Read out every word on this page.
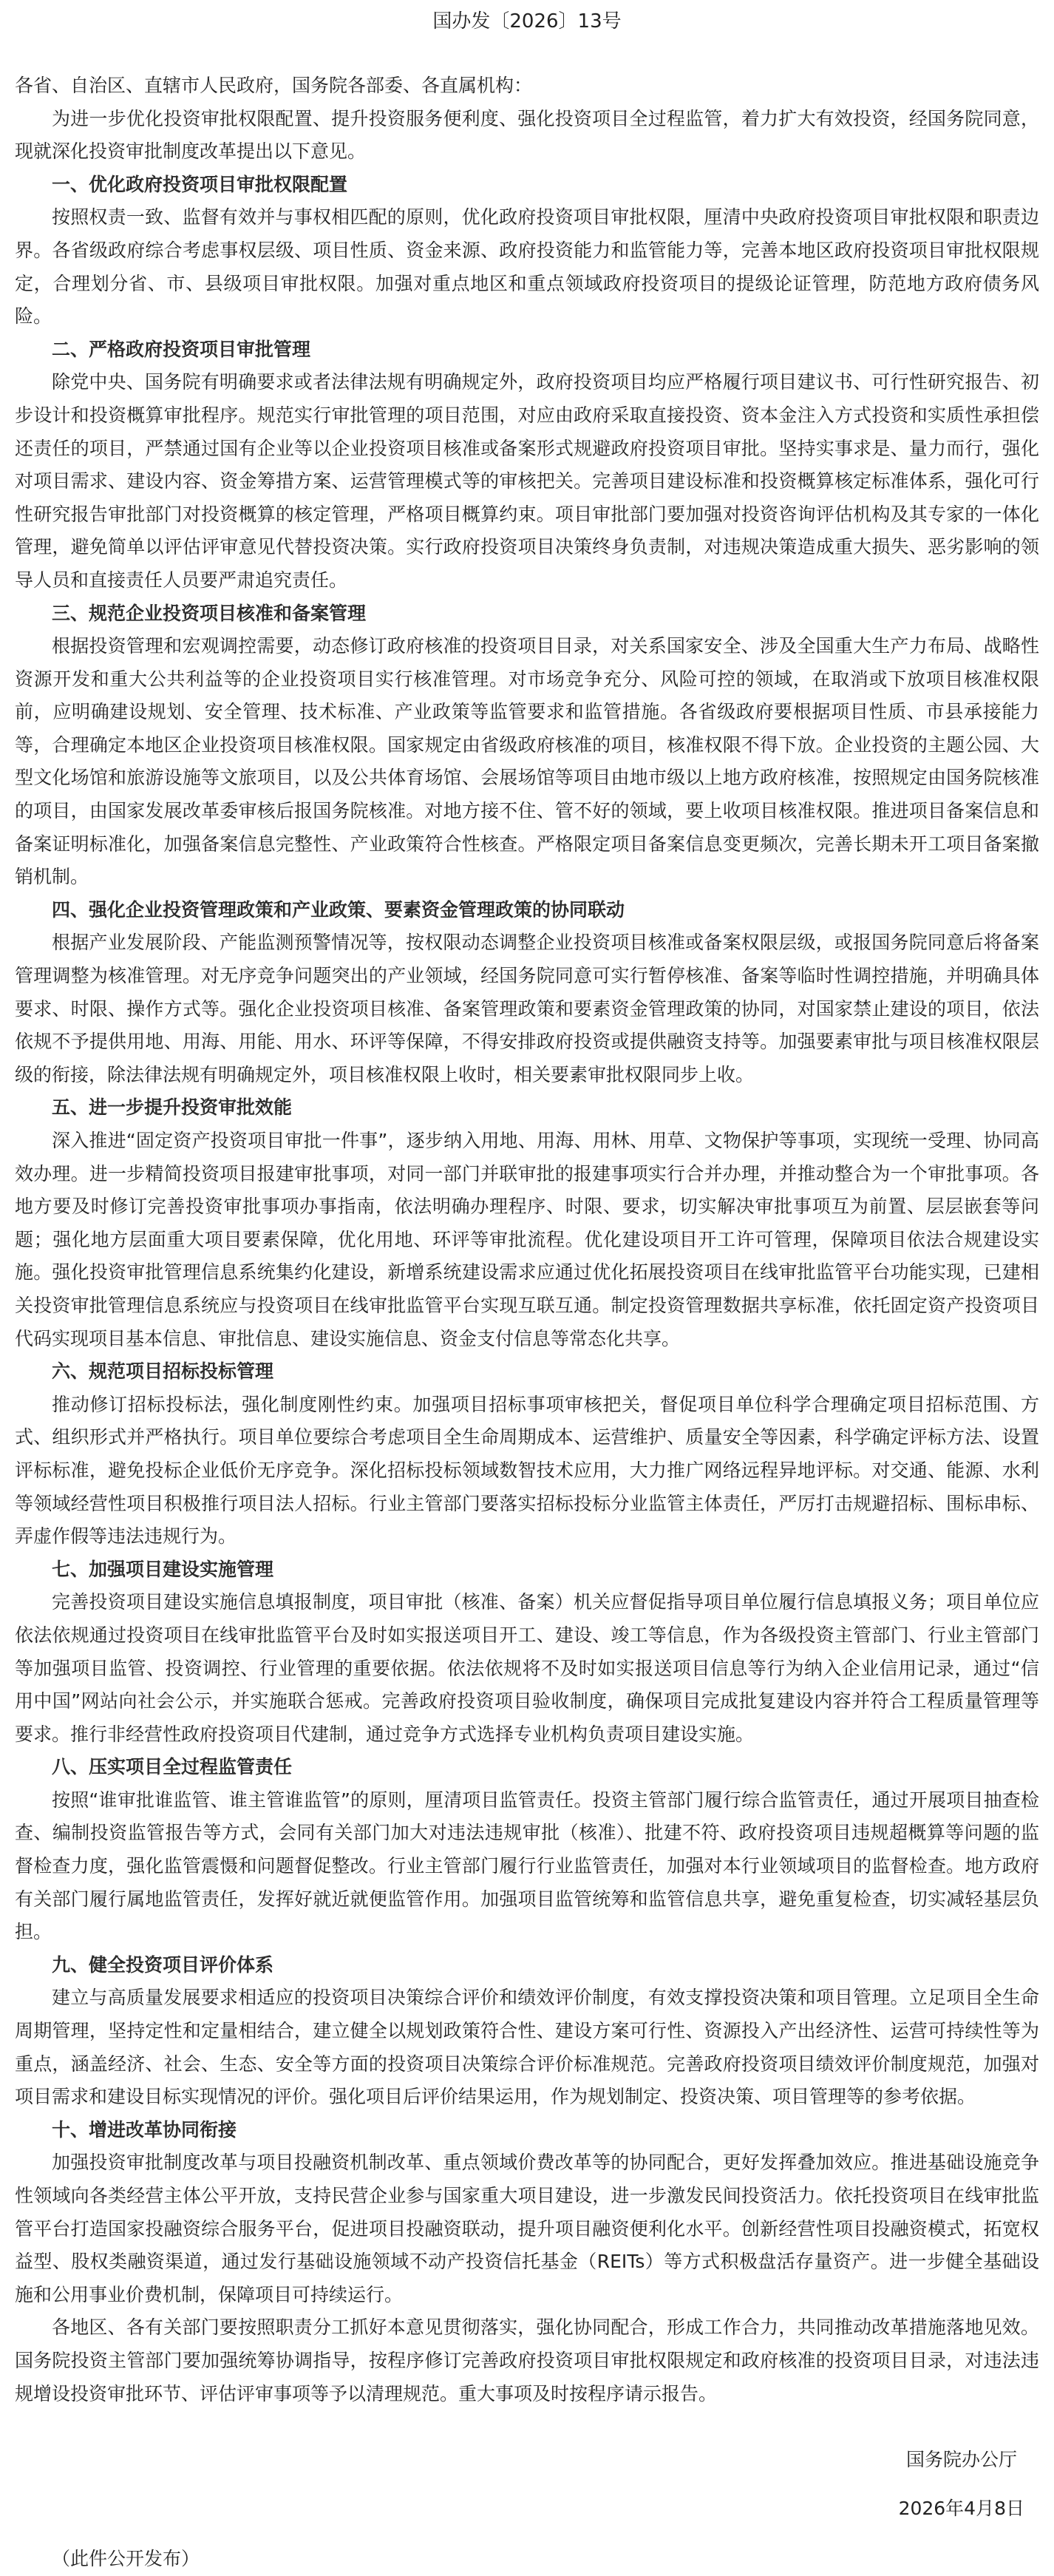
国办发〔2026〕13号

各省、自治区、直辖市人民政府，国务院各部委、各直属机构：

为进一步优化投资审批权限配置、提升投资服务便利度、强化投资项目全过程监管，着力扩大有效投资，经国务院同意，现就深化投资审批制度改革提出以下意见。

一、优化政府投资项目审批权限配置

按照权责一致、监督有效并与事权相匹配的原则，优化政府投资项目审批权限，厘清中央政府投资项目审批权限和职责边界。各省级政府综合考虑事权层级、项目性质、资金来源、政府投资能力和监管能力等，完善本地区政府投资项目审批权限规定，合理划分省、市、县级项目审批权限。加强对重点地区和重点领域政府投资项目的提级论证管理，防范地方政府债务风险。

二、严格政府投资项目审批管理

除党中央、国务院有明确要求或者法律法规有明确规定外，政府投资项目均应严格履行项目建议书、可行性研究报告、初步设计和投资概算审批程序。规范实行审批管理的项目范围，对应由政府采取直接投资、资本金注入方式投资和实质性承担偿还责任的项目，严禁通过国有企业等以企业投资项目核准或备案形式规避政府投资项目审批。坚持实事求是、量力而行，强化对项目需求、建设内容、资金筹措方案、运营管理模式等的审核把关。完善项目建设标准和投资概算核定标准体系，强化可行性研究报告审批部门对投资概算的核定管理，严格项目概算约束。项目审批部门要加强对投资咨询评估机构及其专家的一体化管理，避免简单以评估评审意见代替投资决策。实行政府投资项目决策终身负责制，对违规决策造成重大损失、恶劣影响的领导人员和直接责任人员要严肃追究责任。

三、规范企业投资项目核准和备案管理

根据投资管理和宏观调控需要，动态修订政府核准的投资项目目录，对关系国家安全、涉及全国重大生产力布局、战略性资源开发和重大公共利益等的企业投资项目实行核准管理。对市场竞争充分、风险可控的领域，在取消或下放项目核准权限前，应明确建设规划、安全管理、技术标准、产业政策等监管要求和监管措施。各省级政府要根据项目性质、市县承接能力等，合理确定本地区企业投资项目核准权限。国家规定由省级政府核准的项目，核准权限不得下放。企业投资的主题公园、大型文化场馆和旅游设施等文旅项目，以及公共体育场馆、会展场馆等项目由地市级以上地方政府核准，按照规定由国务院核准的项目，由国家发展改革委审核后报国务院核准。对地方接不住、管不好的领域，要上收项目核准权限。推进项目备案信息和备案证明标准化，加强备案信息完整性、产业政策符合性核查。严格限定项目备案信息变更频次，完善长期未开工项目备案撤销机制。

四、强化企业投资管理政策和产业政策、要素资金管理政策的协同联动

根据产业发展阶段、产能监测预警情况等，按权限动态调整企业投资项目核准或备案权限层级，或报国务院同意后将备案管理调整为核准管理。对无序竞争问题突出的产业领域，经国务院同意可实行暂停核准、备案等临时性调控措施，并明确具体要求、时限、操作方式等。强化企业投资项目核准、备案管理政策和要素资金管理政策的协同，对国家禁止建设的项目，依法依规不予提供用地、用海、用能、用水、环评等保障，不得安排政府投资或提供融资支持等。加强要素审批与项目核准权限层级的衔接，除法律法规有明确规定外，项目核准权限上收时，相关要素审批权限同步上收。

五、进一步提升投资审批效能

深入推进“固定资产投资项目审批一件事”，逐步纳入用地、用海、用林、用草、文物保护等事项，实现统一受理、协同高效办理。进一步精简投资项目报建审批事项，对同一部门并联审批的报建事项实行合并办理，并推动整合为一个审批事项。各地方要及时修订完善投资审批事项办事指南，依法明确办理程序、时限、要求，切实解决审批事项互为前置、层层嵌套等问题；强化地方层面重大项目要素保障，优化用地、环评等审批流程。优化建设项目开工许可管理，保障项目依法合规建设实施。强化投资审批管理信息系统集约化建设，新增系统建设需求应通过优化拓展投资项目在线审批监管平台功能实现，已建相关投资审批管理信息系统应与投资项目在线审批监管平台实现互联互通。制定投资管理数据共享标准，依托固定资产投资项目代码实现项目基本信息、审批信息、建设实施信息、资金支付信息等常态化共享。

六、规范项目招标投标管理

推动修订招标投标法，强化制度刚性约束。加强项目招标事项审核把关，督促项目单位科学合理确定项目招标范围、方式、组织形式并严格执行。项目单位要综合考虑项目全生命周期成本、运营维护、质量安全等因素，科学确定评标方法、设置评标标准，避免投标企业低价无序竞争。深化招标投标领域数智技术应用，大力推广网络远程异地评标。对交通、能源、水利等领域经营性项目积极推行项目法人招标。行业主管部门要落实招标投标分业监管主体责任，严厉打击规避招标、围标串标、弄虚作假等违法违规行为。

七、加强项目建设实施管理

完善投资项目建设实施信息填报制度，项目审批（核准、备案）机关应督促指导项目单位履行信息填报义务；项目单位应依法依规通过投资项目在线审批监管平台及时如实报送项目开工、建设、竣工等信息，作为各级投资主管部门、行业主管部门等加强项目监管、投资调控、行业管理的重要依据。依法依规将不及时如实报送项目信息等行为纳入企业信用记录，通过“信用中国”网站向社会公示，并实施联合惩戒。完善政府投资项目验收制度，确保项目完成批复建设内容并符合工程质量管理等要求。推行非经营性政府投资项目代建制，通过竞争方式选择专业机构负责项目建设实施。

八、压实项目全过程监管责任

按照“谁审批谁监管、谁主管谁监管”的原则，厘清项目监管责任。投资主管部门履行综合监管责任，通过开展项目抽查检查、编制投资监管报告等方式，会同有关部门加大对违法违规审批（核准）、批建不符、政府投资项目违规超概算等问题的监督检查力度，强化监管震慑和问题督促整改。行业主管部门履行行业监管责任，加强对本行业领域项目的监督检查。地方政府有关部门履行属地监管责任，发挥好就近就便监管作用。加强项目监管统筹和监管信息共享，避免重复检查，切实减轻基层负担。

九、健全投资项目评价体系

建立与高质量发展要求相适应的投资项目决策综合评价和绩效评价制度，有效支撑投资决策和项目管理。立足项目全生命周期管理，坚持定性和定量相结合，建立健全以规划政策符合性、建设方案可行性、资源投入产出经济性、运营可持续性等为重点，涵盖经济、社会、生态、安全等方面的投资项目决策综合评价标准规范。完善政府投资项目绩效评价制度规范，加强对项目需求和建设目标实现情况的评价。强化项目后评价结果运用，作为规划制定、投资决策、项目管理等的参考依据。

十、增进改革协同衔接

加强投资审批制度改革与项目投融资机制改革、重点领域价费改革等的协同配合，更好发挥叠加效应。推进基础设施竞争性领域向各类经营主体公平开放，支持民营企业参与国家重大项目建设，进一步激发民间投资活力。依托投资项目在线审批监管平台打造国家投融资综合服务平台，促进项目投融资联动，提升项目融资便利化水平。创新经营性项目投融资模式，拓宽权益型、股权类融资渠道，通过发行基础设施领域不动产投资信托基金（REITs）等方式积极盘活存量资产。进一步健全基础设施和公用事业价费机制，保障项目可持续运行。

各地区、各有关部门要按照职责分工抓好本意见贯彻落实，强化协同配合，形成工作合力，共同推动改革措施落地见效。国务院投资主管部门要加强统筹协调指导，按程序修订完善政府投资项目审批权限规定和政府核准的投资项目目录，对违法违规增设投资审批环节、评估评审事项等予以清理规范。重大事项及时按程序请示报告。

国务院办公厅
2026年4月8日
（此件公开发布）
